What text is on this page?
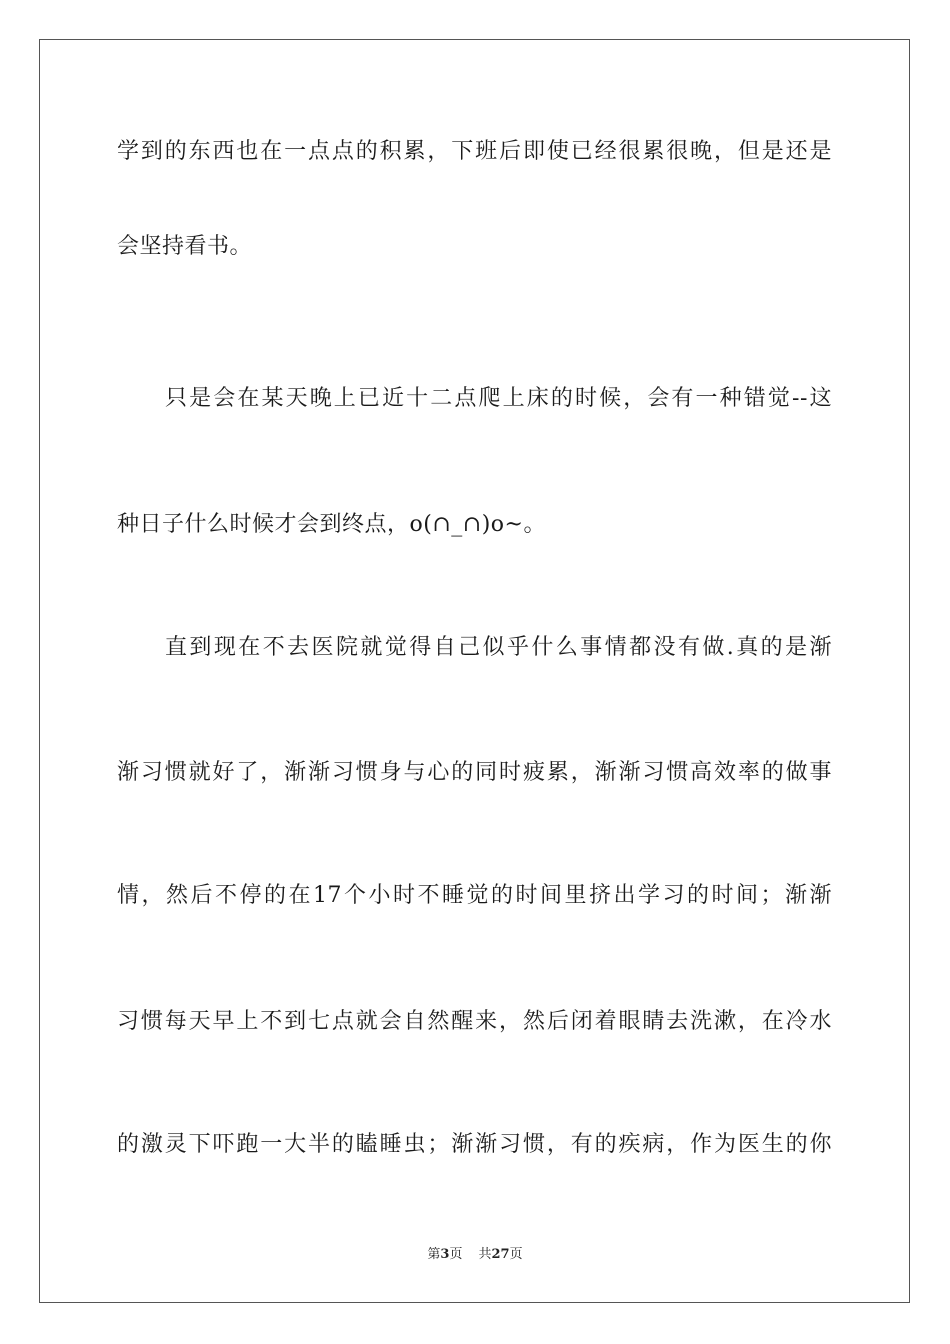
学到的东西也在一点点的积累，下班后即使已经很累很晚，但是还是
会坚持看书。
只是会在某天晚上已近十二点爬上床的时候，会有一种错觉--这
种日子什么时候才会到终点，o(∩_∩)o~。
直到现在不去医院就觉得自己似乎什么事情都没有做.真的是渐
渐习惯就好了，渐渐习惯身与心的同时疲累，渐渐习惯高效率的做事
情，然后不停的在17个小时不睡觉的时间里挤出学习的时间；渐渐
习惯每天早上不到七点就会自然醒来，然后闭着眼睛去洗漱，在冷水
的激灵下吓跑一大半的瞌睡虫；渐渐习惯，有的疾病，作为医生的你
第3页 共27页
